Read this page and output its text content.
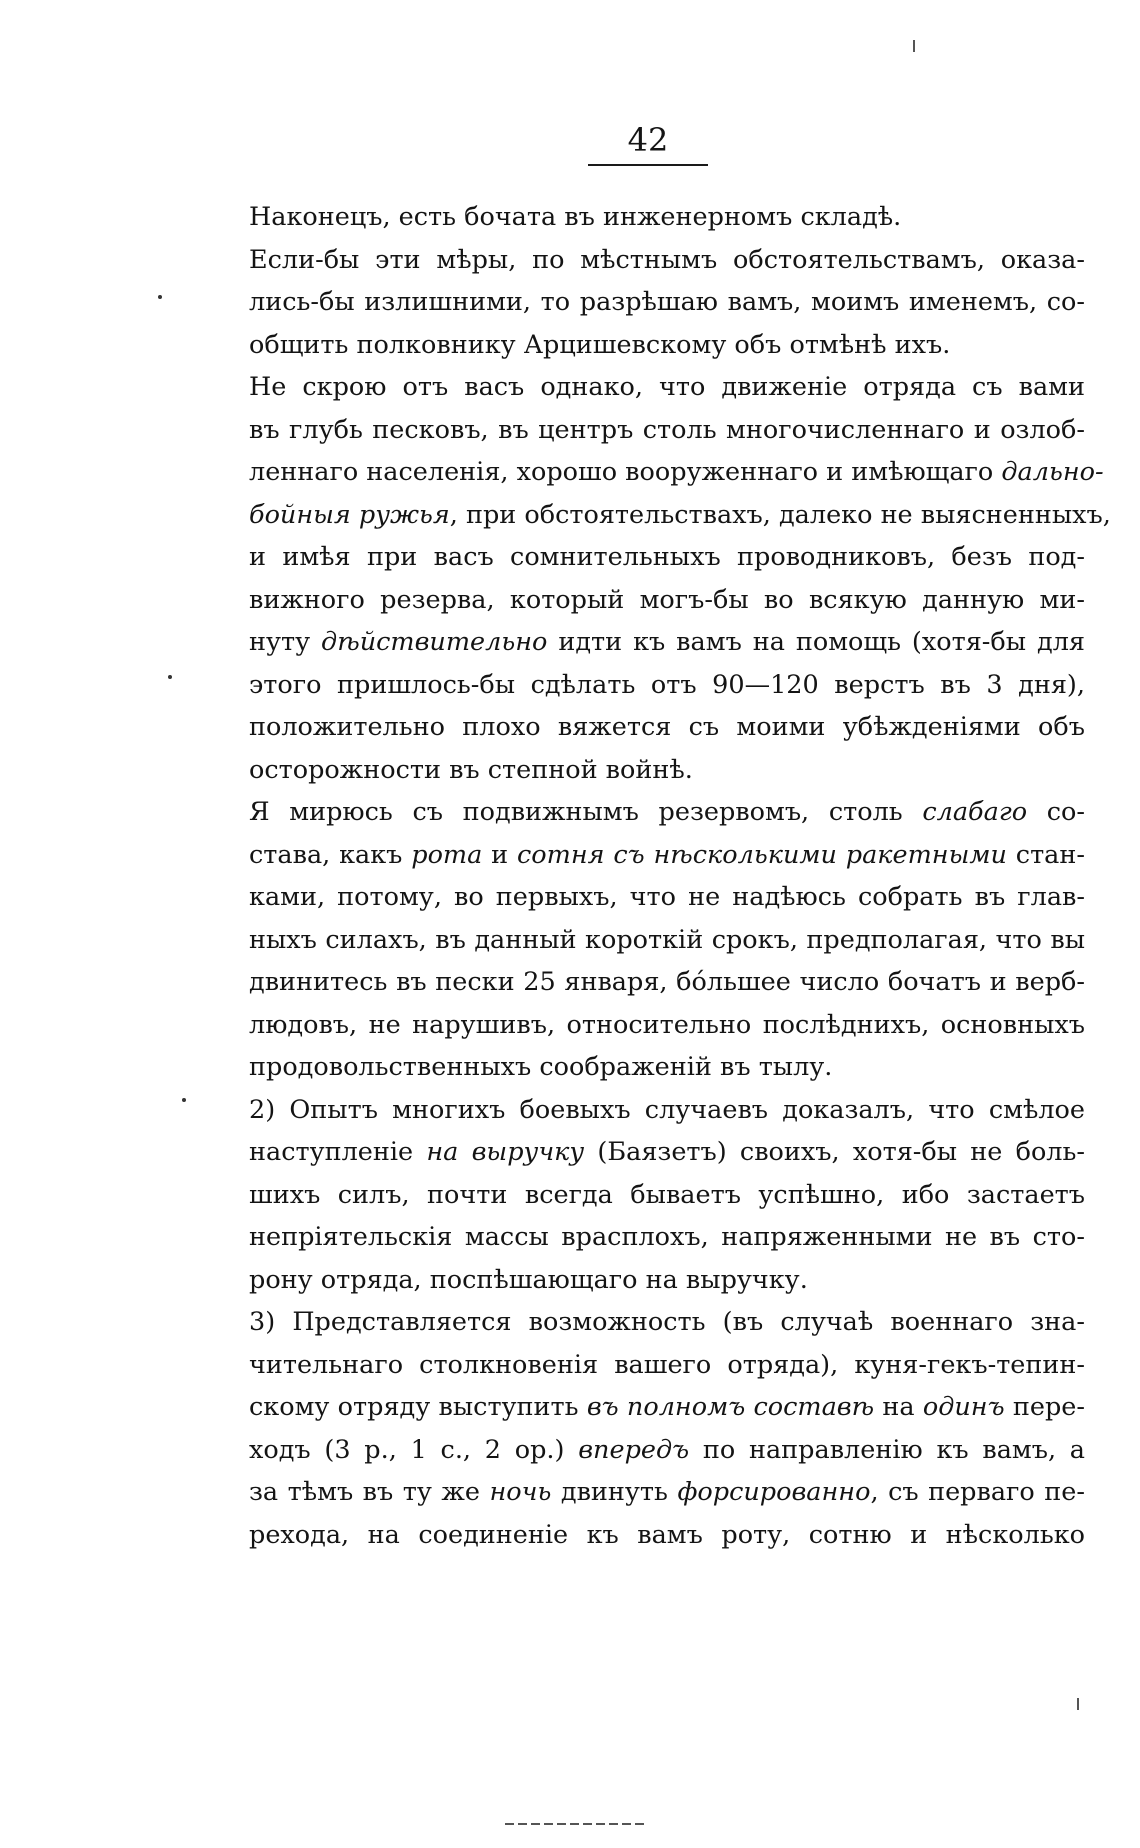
42

Наконецъ, есть бочата въ инженерномъ складѣ.

Если-бы эти мѣры, по мѣстнымъ обстоятельствамъ, оказа-
лись-бы излишними, то разрѣшаю вамъ, моимъ именемъ, со-
общить полковнику Арцишевскому объ отмѣнѣ ихъ.

Не скрою отъ васъ однако, что движеніе отряда съ вами
въ глубь песковъ, въ центръ столь многочисленнаго и озлоб-
леннаго населенія, хорошо вооруженнаго и имѣющаго дально-
бойныя ружья, при обстоятельствахъ, далеко не выясненныхъ,
и имѣя при васъ сомнительныхъ проводниковъ, безъ под-
вижного резерва, который могъ-бы во всякую данную ми-
нуту дѣйствительно идти къ вамъ на помощь (хотя-бы для
этого пришлось-бы сдѣлать отъ 90—120 верстъ въ 3 дня),
положительно плохо вяжется съ моими убѣжденіями объ
осторожности въ степной войнѣ.

Я мирюсь съ подвижнымъ резервомъ, столь слабаго со-
става, какъ рота и сотня съ нѣсколькими ракетными стан-
ками, потому, во первыхъ, что не надѣюсь собрать въ глав-
ныхъ силахъ, въ данный короткій срокъ, предполагая, что вы
двинитесь въ пески 25 января, бóльшее число бочатъ и верб-
людовъ, не нарушивъ, относительно послѣднихъ, основныхъ
продовольственныхъ соображеній въ тылу.

2) Опытъ многихъ боевыхъ случаевъ доказалъ, что смѣлое
наступленіе на выручку (Баязетъ) своихъ, хотя-бы не боль-
шихъ силъ, почти всегда бываетъ успѣшно, ибо застаетъ
непріятельскія массы врасплохъ, напряженными не въ сто-
рону отряда, поспѣшающаго на выручку.

3) Представляется возможность (въ случаѣ военнаго зна-
чительнаго столкновенія вашего отряда), куня-гекъ-тепин-
скому отряду выступить въ полномъ составѣ на одинъ пере-
ходъ (3 р., 1 с., 2 ор.) впередъ по направленію къ вамъ, а
за тѣмъ въ ту же ночь двинуть форсированно, съ перваго пе-
рехода, на соединеніе къ вамъ роту, сотню и нѣсколько
